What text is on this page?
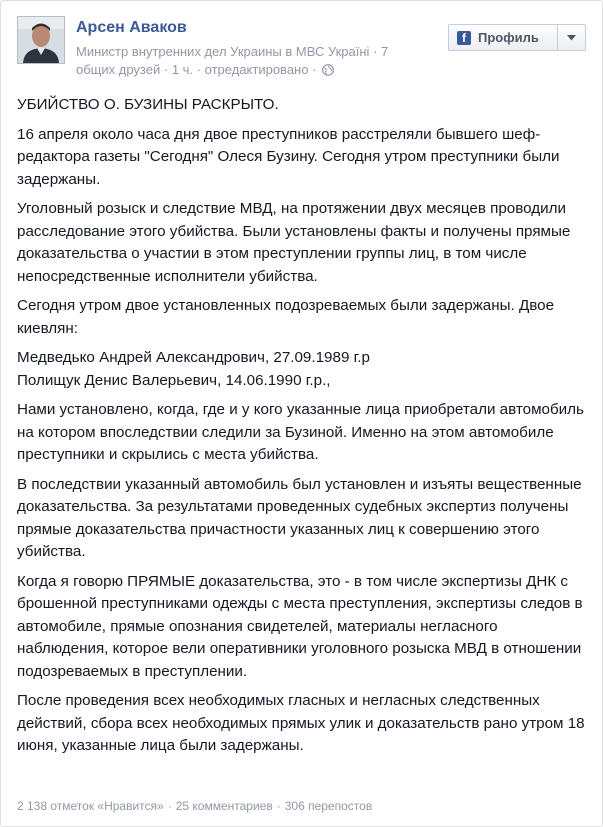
Арсен Аваков
Министр внутренних дел Украины в МВС Україні · 7 общих друзей · 1 ч. · отредактировано ·
f Профиль

УБИЙСТВО О. БУЗИНЫ РАСКРЫТО.

16 апреля около часа дня двое преступников расстреляли бывшего шеф-редактора газеты "Сегодня" Олеся Бузину. Сегодня утром преступники были задержаны.

Уголовный розыск и следствие МВД, на протяжении двух месяцев проводили расследование этого убийства. Были установлены факты и получены прямые доказательства о участии в этом преступлении группы лиц, в том числе непосредственные исполнители убийства.

Сегодня утром двое установленных подозреваемых были задержаны. Двое киевлян:

Медведько Андрей Александрович, 27.09.1989 г.р

Полищук Денис Валерьевич, 14.06.1990 г.р.,

Нами установлено, когда, где и у кого указанные лица приобретали автомобиль на котором впоследствии следили за Бузиной. Именно на этом автомобиле преступники и скрылись с места убийства.

В последствии указанный автомобиль был установлен и изъяты вещественные доказательства. За результатами проведенных судебных экспертиз получены прямые доказательства причастности указанных лиц к совершению этого убийства.

Когда я говорю ПРЯМЫЕ доказательства, это - в том числе экспертизы ДНК с брошенной преступниками одежды с места преступления, экспертизы следов в автомобиле, прямые опознания свидетелей, материалы негласного наблюдения, которое вели оперативники уголовного розыска МВД в отношении подозреваемых в преступлении.

После проведения всех необходимых гласных и негласных следственных действий, сбора всех необходимых прямых улик и доказательств рано утром 18 июня, указанные лица были задержаны.

2 138 отметок «Нравится» · 25 комментариев · 306 перепостов
